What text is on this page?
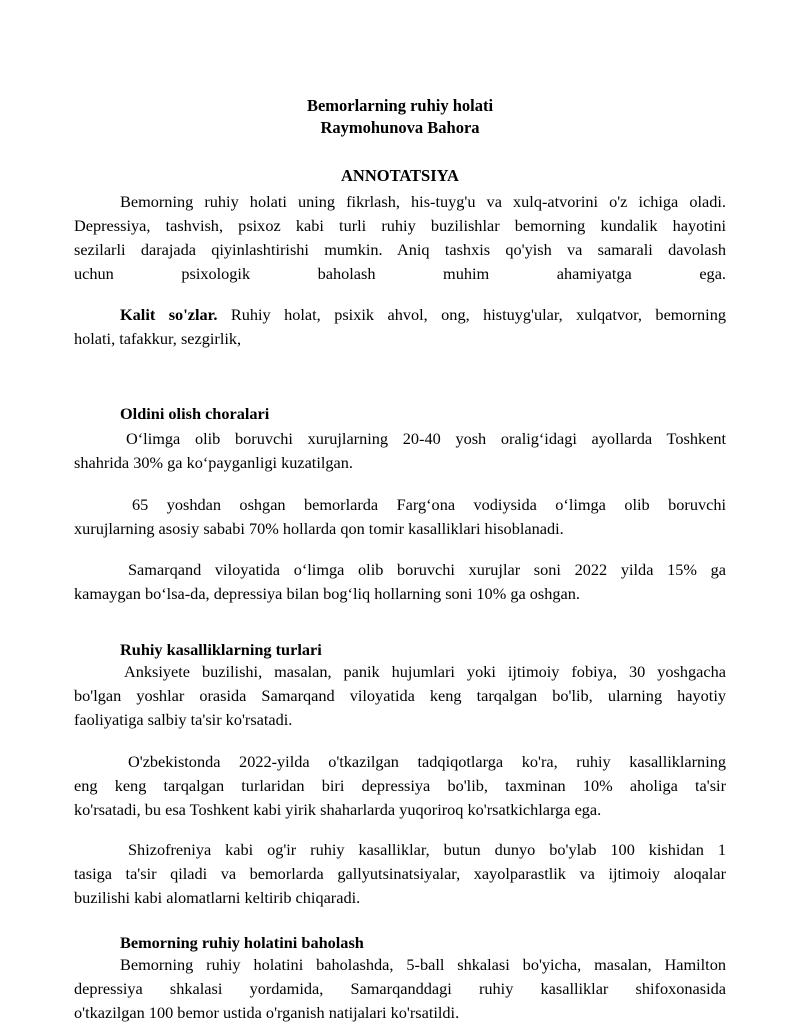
Bemorlarning ruhiy holati
Raymohunova Bahora
ANNOTATSIYA
Bemorning ruhiy holati uning fikrlash, his-tuyg'u va xulq-atvorini o'z ichiga oladi.
Depressiya, tashvish, psixoz kabi turli ruhiy buzilishlar bemorning kundalik hayotini
sezilarli darajada qiyinlashtirishi mumkin. Aniq tashxis qo'yish va samarali davolash
uchun psixologik baholash muhim ahamiyatga ega.
Kalit so'zlar. Ruhiy holat, psixik ahvol, ong, histuyg'ular, xulqatvor, bemorning
holati, tafakkur, sezgirlik,
Oldini olish choralari
O‘limga olib boruvchi xurujlarning 20-40 yosh oralig‘idagi ayollarda Toshkent
shahrida 30% ga ko‘payganligi kuzatilgan.
65 yoshdan oshgan bemorlarda Farg‘ona vodiysida o‘limga olib boruvchi
xurujlarning asosiy sababi 70% hollarda qon tomir kasalliklari hisoblanadi.
Samarqand viloyatida o‘limga olib boruvchi xurujlar soni 2022 yilda 15% ga
kamaygan bo‘lsa-da, depressiya bilan bog‘liq hollarning soni 10% ga oshgan.
Ruhiy kasalliklarning turlari
Anksiyete buzilishi, masalan, panik hujumlari yoki ijtimoiy fobiya, 30 yoshgacha
bo'lgan yoshlar orasida Samarqand viloyatida keng tarqalgan bo'lib, ularning hayotiy
faoliyatiga salbiy ta'sir ko'rsatadi.
O'zbekistonda 2022-yilda o'tkazilgan tadqiqotlarga ko'ra, ruhiy kasalliklarning
eng keng tarqalgan turlaridan biri depressiya bo'lib, taxminan 10% aholiga ta'sir
ko'rsatadi, bu esa Toshkent kabi yirik shaharlarda yuqoriroq ko'rsatkichlarga ega.
Shizofreniya kabi og'ir ruhiy kasalliklar, butun dunyo bo'ylab 100 kishidan 1
tasiga ta'sir qiladi va bemorlarda gallyutsinatsiyalar, xayolparastlik va ijtimoiy aloqalar
buzilishi kabi alomatlarni keltirib chiqaradi.
Bemorning ruhiy holatini baholash
Bemorning ruhiy holatini baholashda, 5-ball shkalasi bo'yicha, masalan, Hamilton
depressiya shkalasi yordamida, Samarqanddagi ruhiy kasalliklar shifoxonasida
o'tkazilgan 100 bemor ustida o'rganish natijalari ko'rsatildi.
